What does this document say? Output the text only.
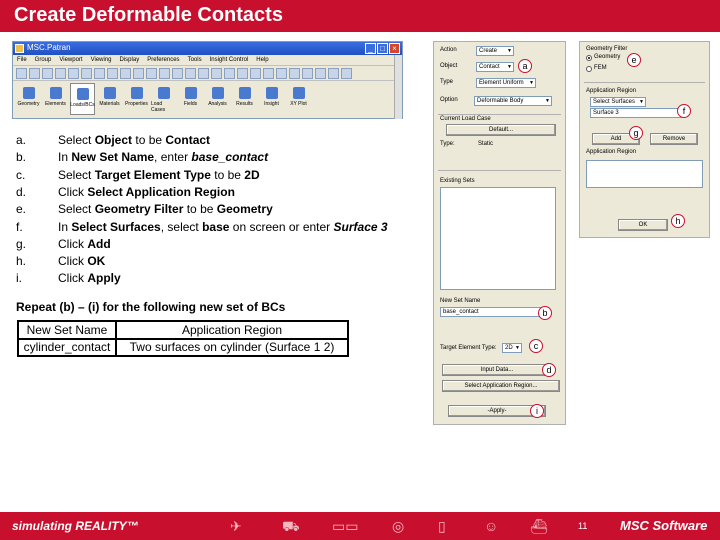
Create Deformable Contacts
MSC.Patran	_ □ ×
File Group Viewport Viewing Display Preferences Tools Insight Control Help
Geometry Elements Loads/BCs Materials Properties Load Cases
Fields Analysis Results Insight XY Plot
a.	Select Object to be Contact
b.	In New Set Name, enter base_contact
c.	Select Target Element Type to be 2D
d.	Click Select Application Region
e.	Select Geometry Filter to be Geometry
f.	In Select Surfaces, select base on screen or enter Surface 3
g.	Click Add
h.	Click OK
i.	Click Apply
Repeat (b) – (i) for the following new set of BCs
New Set Name	Application Region
cylinder_contact	Two surfaces on cylinder (Surface 1 2)
Action	Create ▼
Object	Contact ▼
Type	Element Uniform ▼
Option	Deformable Body ▼
Current Load Case
Default...
Type:	Static
Existing Sets
New Set Name
base_contact
Target Element Type:	2D ▼
Input Data...
Select Application Region...
-Apply-
Geometry Filter
Geometry
FEM
Application Region
Select Surfaces ▼
Surface 3
Add	Remove
Application Region
OK
a
b
c
d
e
f
g
h
i
simulating REALITY™	✈	⛟ ▭▭ ◎ ▯	☺ ⛴	11	MSC Software
